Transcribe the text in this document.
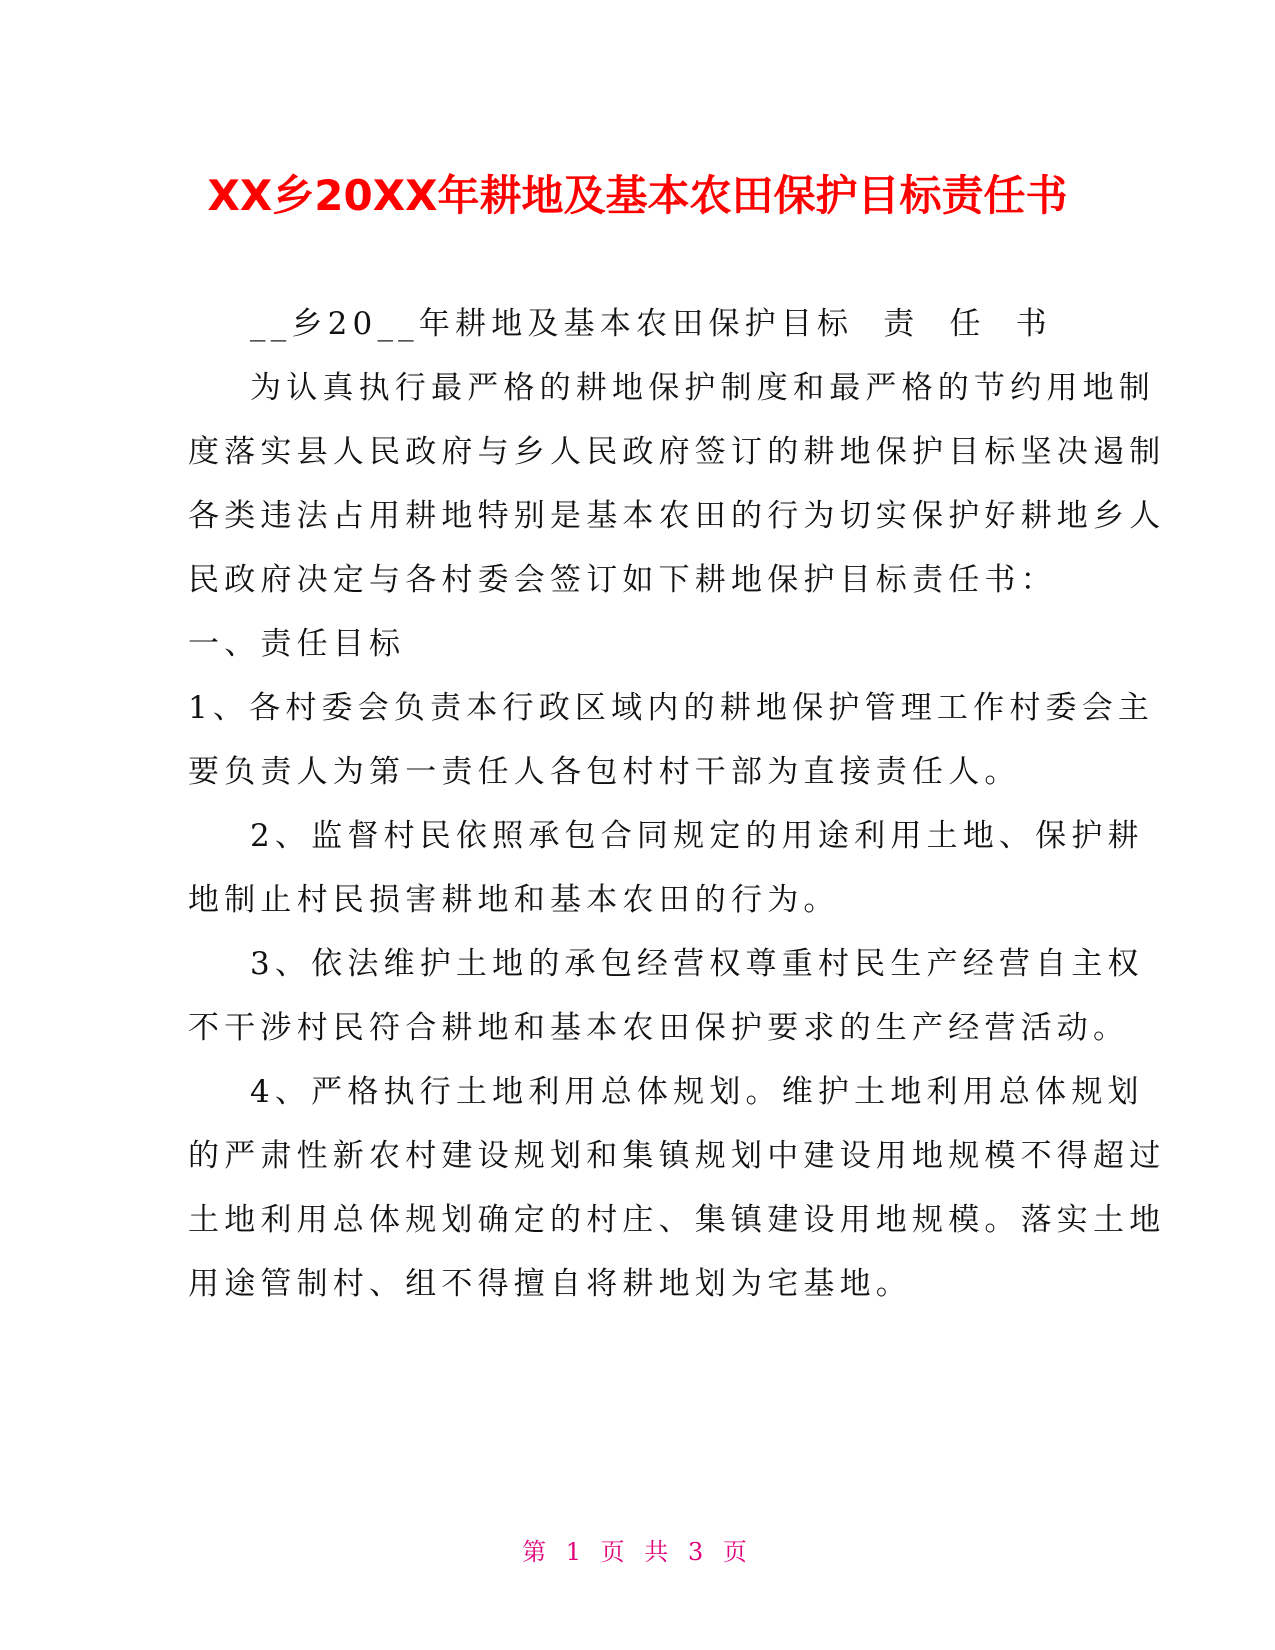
XX乡20XX年耕地及基本农田保护目标责任书

__乡20__年耕地及基本农田保护目标 责 任 书

为认真执行最严格的耕地保护制度和最严格的节约用地制

度落实县人民政府与乡人民政府签订的耕地保护目标坚决遏制

各类违法占用耕地特别是基本农田的行为切实保护好耕地乡人

民政府决定与各村委会签订如下耕地保护目标责任书：

一、责任目标

1、各村委会负责本行政区域内的耕地保护管理工作村委会主

要负责人为第一责任人各包村村干部为直接责任人。

2、监督村民依照承包合同规定的用途利用土地、保护耕

地制止村民损害耕地和基本农田的行为。

3、依法维护土地的承包经营权尊重村民生产经营自主权

不干涉村民符合耕地和基本农田保护要求的生产经营活动。

4、严格执行土地利用总体规划。维护土地利用总体规划

的严肃性新农村建设规划和集镇规划中建设用地规模不得超过

土地利用总体规划确定的村庄、集镇建设用地规模。落实土地

用途管制村、组不得擅自将耕地划为宅基地。

第 1 页 共 3 页
